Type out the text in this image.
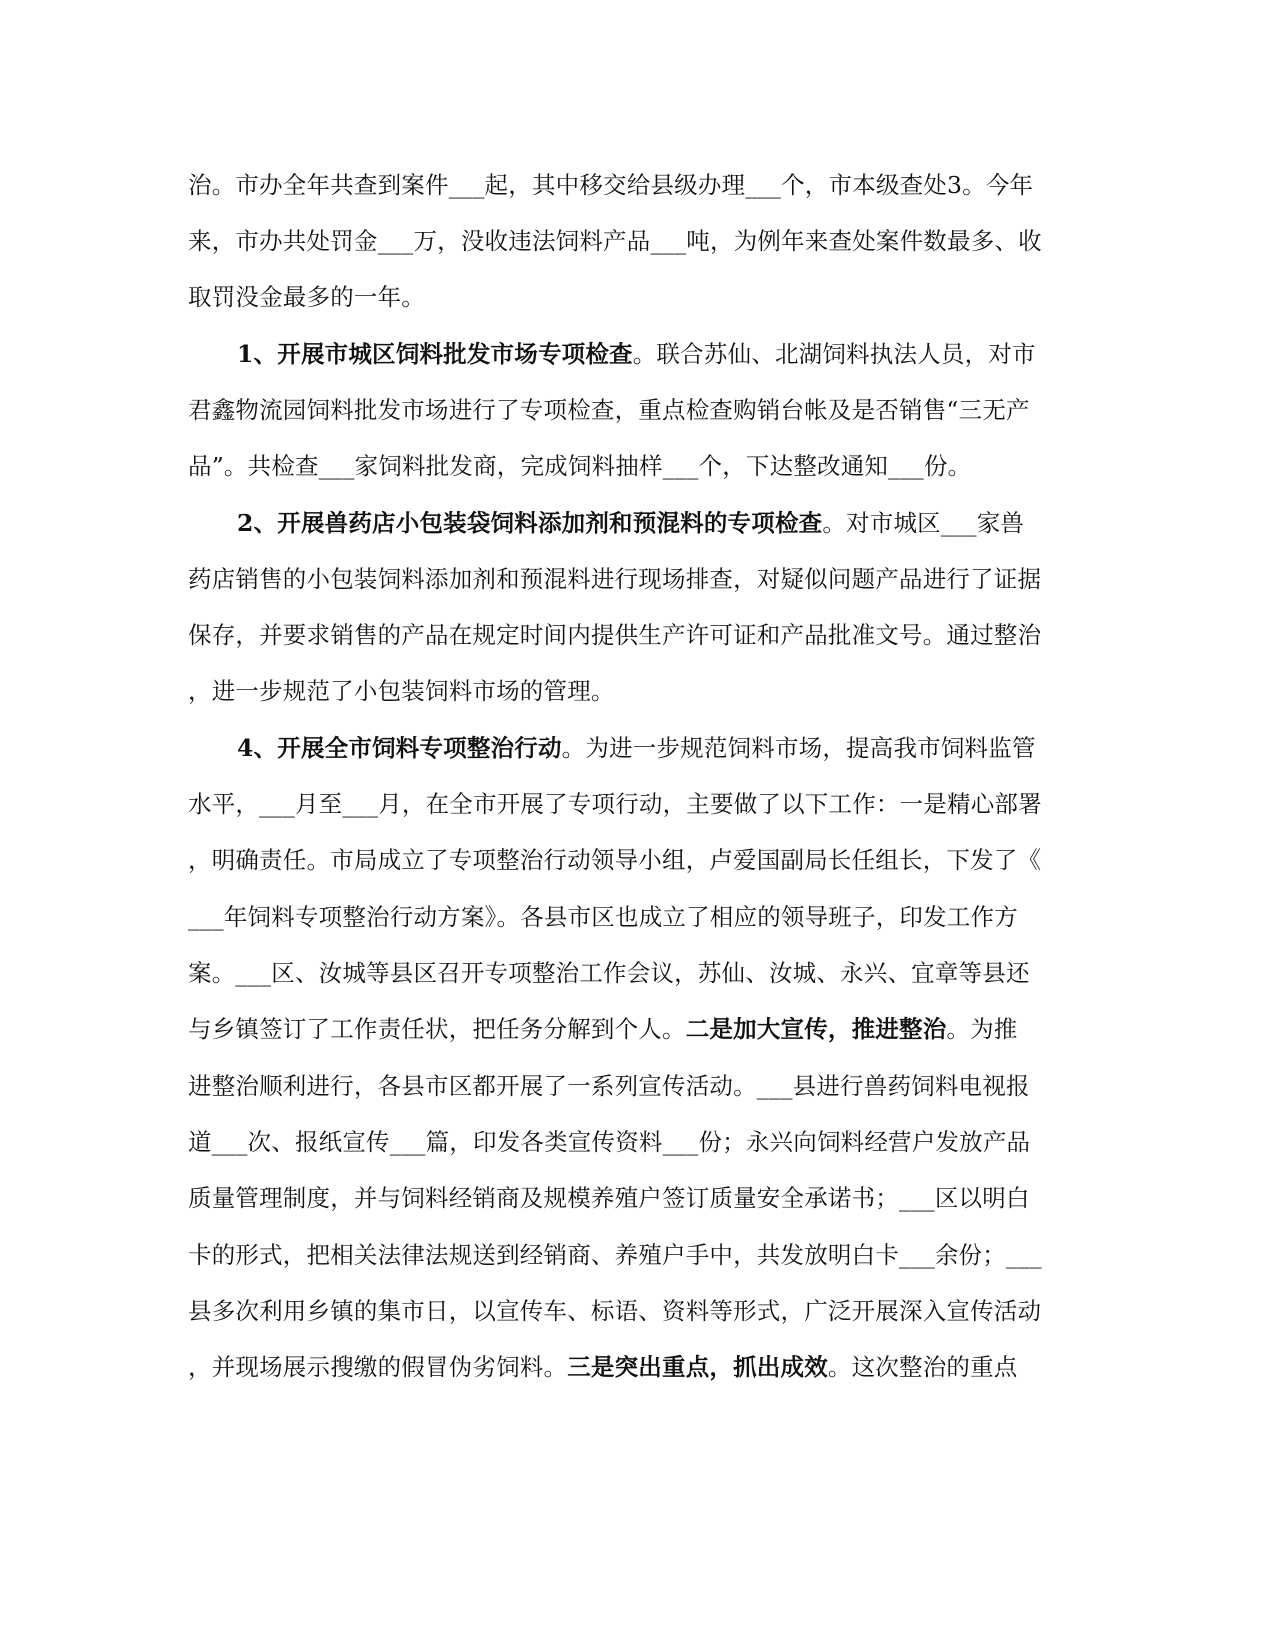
治。市办全年共查到案件___起，其中移交给县级办理___个，市本级查处3。今年
来，市办共处罚金___万，没收违法饲料产品___吨，为例年来查处案件数最多、收
取罚没金最多的一年。
1、开展市城区饲料批发市场专项检查。联合苏仙、北湖饲料执法人员，对市
君鑫物流园饲料批发市场进行了专项检查，重点检查购销台帐及是否销售“三无产
品”。共检查___家饲料批发商，完成饲料抽样___个，下达整改通知___份。
2、开展兽药店小包装袋饲料添加剂和预混料的专项检查。对市城区___家兽
药店销售的小包装饲料添加剂和预混料进行现场排查，对疑似问题产品进行了证据
保存，并要求销售的产品在规定时间内提供生产许可证和产品批准文号。通过整治
，进一步规范了小包装饲料市场的管理。
4、开展全市饲料专项整治行动。为进一步规范饲料市场，提高我市饲料监管
水平，___月至___月，在全市开展了专项行动，主要做了以下工作：一是精心部署
，明确责任。市局成立了专项整治行动领导小组，卢爱国副局长任组长，下发了《
___年饲料专项整治行动方案》。各县市区也成立了相应的领导班子，印发工作方
案。___区、汝城等县区召开专项整治工作会议，苏仙、汝城、永兴、宜章等县还
与乡镇签订了工作责任状，把任务分解到个人。二是加大宣传，推进整治。为推
进整治顺利进行，各县市区都开展了一系列宣传活动。___县进行兽药饲料电视报
道___次、报纸宣传___篇，印发各类宣传资料___份；永兴向饲料经营户发放产品
质量管理制度，并与饲料经销商及规模养殖户签订质量安全承诺书；___区以明白
卡的形式，把相关法律法规送到经销商、养殖户手中，共发放明白卡___余份；___
县多次利用乡镇的集市日，以宣传车、标语、资料等形式，广泛开展深入宣传活动
，并现场展示搜缴的假冒伪劣饲料。三是突出重点，抓出成效。这次整治的重点
